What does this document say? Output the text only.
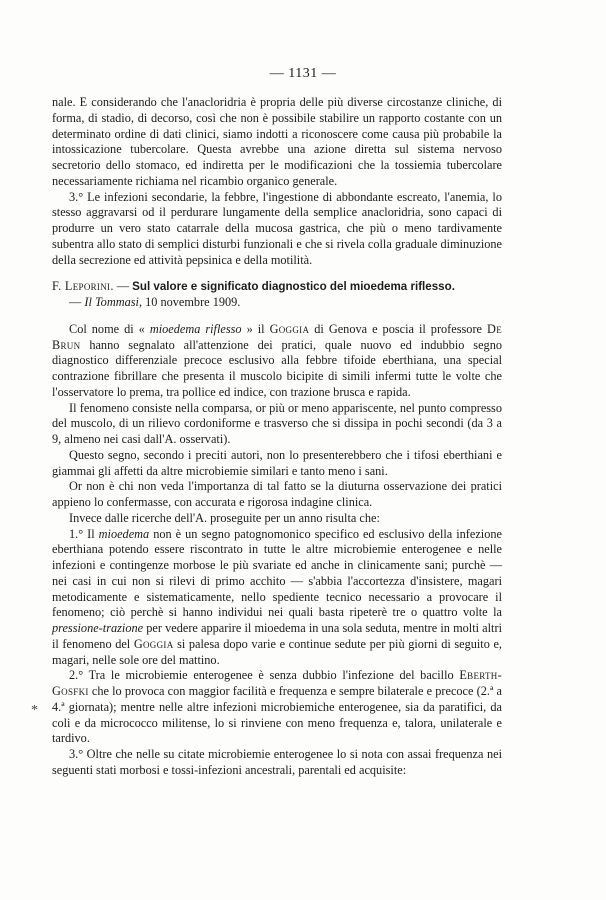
— 1131 —

nale. E considerando che l'anacloridria è propria delle più diverse circostanze cliniche, di forma, di stadio, di decorso, così che non è possibile stabilire un rapporto costante con un determinato ordine di dati clinici, siamo indotti a riconoscere come causa più probabile la intossicazione tubercolare. Questa avrebbe una azione diretta sul sistema nervoso secretorio dello stomaco, ed indiretta per le modificazioni che la tossiemia tubercolare necessariamente richiama nel ricambio organico generale.

3.° Le infezioni secondarie, la febbre, l'ingestione di abbondante escreato, l'anemia, lo stesso aggravarsi od il perdurare lungamente della semplice anacloridria, sono capaci di produrre un vero stato catarrale della mucosa gastrica, che più o meno tardivamente subentra allo stato di semplici disturbi funzionali e che si rivela colla graduale diminuzione della secrezione ed attività pepsinica e della motilità.

F. Leporini. — Sul valore e significato diagnostico del mioedema riflesso.
— Il Tommasi, 10 novembre 1909.

Col nome di « mioedema riflesso » il Goggia di Genova e poscia il professore De Brun hanno segnalato all'attenzione dei pratici, quale nuovo ed indubbio segno diagnostico differenziale precoce esclusivo alla febbre tifoide eberthiana, una special contrazione fibrillare che presenta il muscolo bicipite di simili infermi tutte le volte che l'osservatore lo prema, tra pollice ed indice, con trazione brusca e rapida.

Il fenomeno consiste nella comparsa, or più or meno appariscente, nel punto compresso del muscolo, di un rilievo cordoniforme e trasverso che si dissipa in pochi secondi (da 3 a 9, almeno nei casi dall'A. osservati).

Questo segno, secondo i preciti autori, non lo presenterebbero che i tifosi eberthiani e giammai gli affetti da altre microbiemie similari e tanto meno i sani.

Or non è chi non veda l'importanza di tal fatto se la diuturna osservazione dei pratici appieno lo confermasse, con accurata e rigorosa indagine clinica.

Invece dalle ricerche dell'A. proseguite per un anno risulta che:

1.° Il mioedema non è un segno patognomonico specifico ed esclusivo della infezione eberthiana potendo essere riscontrato in tutte le altre microbiemie enterogenee e nelle infezioni e contingenze morbose le più svariate ed anche in clinicamente sani; purchè — nei casi in cui non si rilevi di primo acchito — s'abbia l'accortezza d'insistere, magari metodicamente e sistematicamente, nello spediente tecnico necessario a provocare il fenomeno; ciò perchè si hanno individui nei quali basta ripeterè tre o quattro volte la pressione-trazione per vedere apparire il mioedema in una sola seduta, mentre in molti altri il fenomeno del Goggia si palesa dopo varie e continue sedute per più giorni di seguito e, magari, nelle sole ore del mattino.

2.° Tra le microbiemie enterogenee è senza dubbio l'infezione del bacillo Eberth-Gosfki che lo provoca con maggior facilità e frequenza e sempre bilaterale e precoce (2.ª a 4.ª giornata); mentre nelle altre infezioni microbiemiche enterogenee, sia da paratifici, da coli e da micrococco militense, lo si rinviene con meno frequenza e, talora, unilaterale e tardivo.

3.° Oltre che nelle su citate microbiemie enterogenee lo si nota con assai frequenza nei seguenti stati morbosi e tossi-infezioni ancestrali, parentali ed acquisite:

*
